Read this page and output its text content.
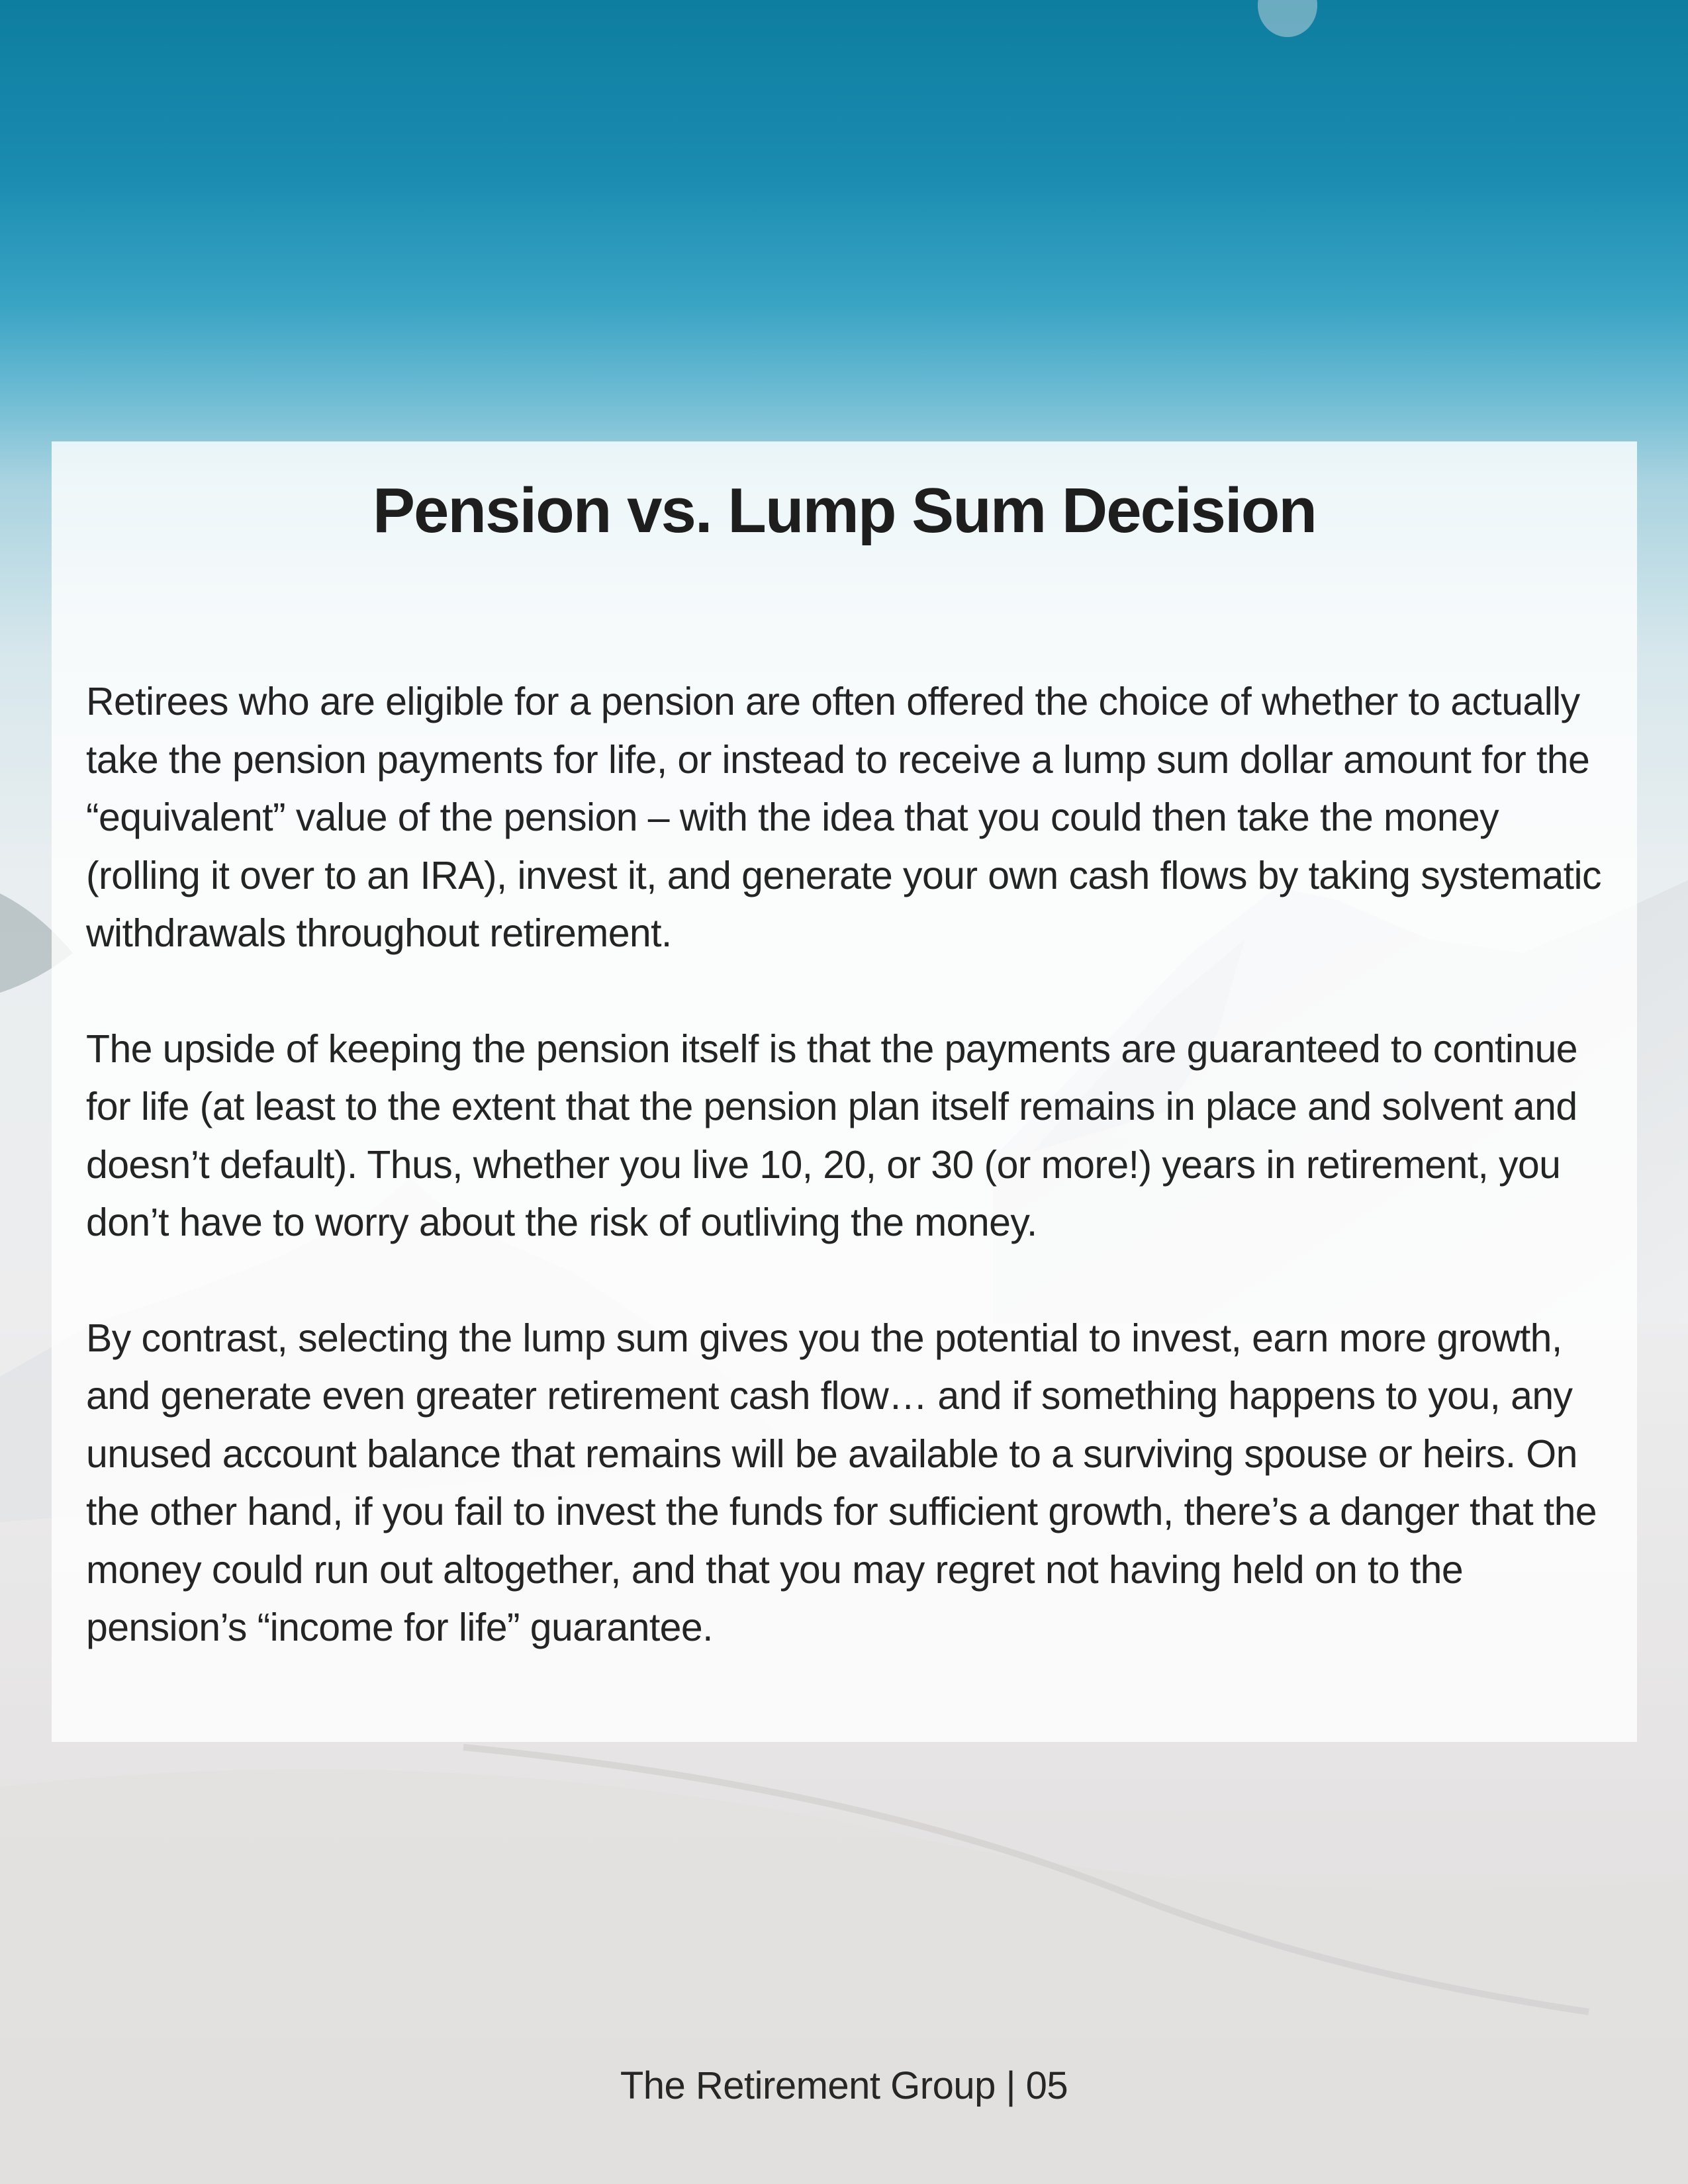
Pension vs. Lump Sum Decision

Retirees who are eligible for a pension are often offered the choice of whether to actually take the pension payments for life, or instead to receive a lump sum dollar amount for the “equivalent” value of the pension – with the idea that you could then take the money (rolling it over to an IRA), invest it, and generate your own cash flows by taking systematic withdrawals throughout retirement.

The upside of keeping the pension itself is that the payments are guaranteed to continue for life (at least to the extent that the pension plan itself remains in place and solvent and doesn’t default). Thus, whether you live 10, 20, or 30 (or more!) years in retirement, you don’t have to worry about the risk of outliving the money.

By contrast, selecting the lump sum gives you the potential to invest, earn more growth, and generate even greater retirement cash flow… and if something happens to you, any unused account balance that remains will be available to a surviving spouse or heirs. On the other hand, if you fail to invest the funds for sufficient growth, there’s a danger that the money could run out altogether, and that you may regret not having held on to the pension’s “income for life” guarantee.

The Retirement Group | 05
